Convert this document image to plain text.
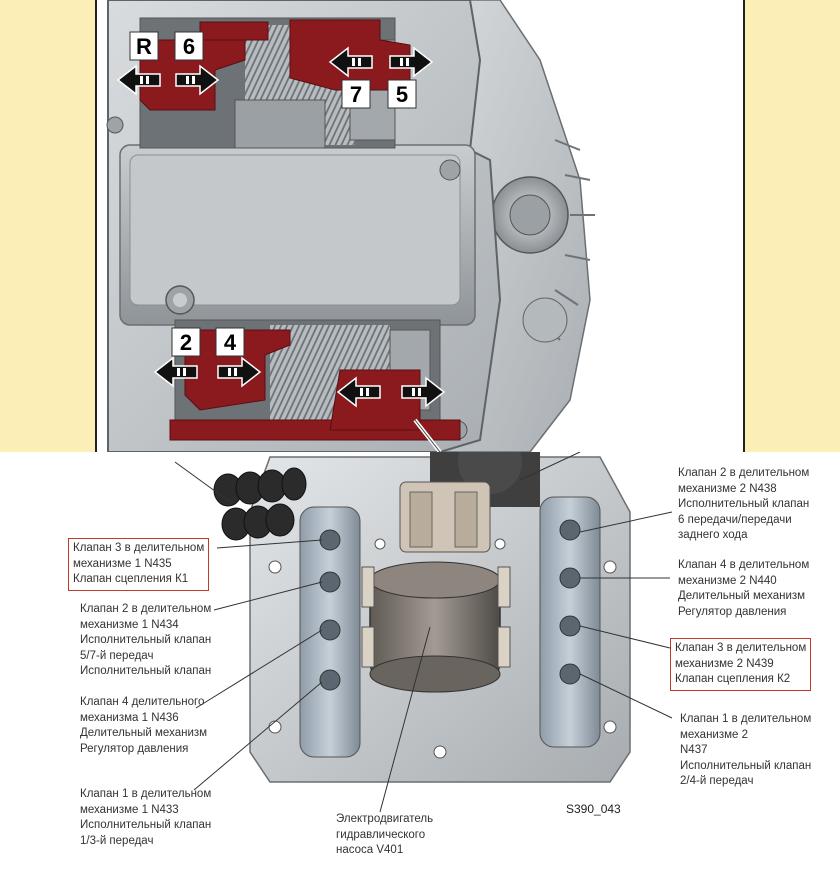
R 6
7 5
2 4
Клапан 3 в делительном
механизме 1 N435
Клапан сцепления К1
Клапан 2 в делительном
механизме 1 N434
Исполнительный клапан
5/7-й передач
Исполнительный клапан
Клапан 4 делительного
механизма 1 N436
Делительный механизм
Регулятор давления
Клапан 1 в делительном
механизме 1 N433
Исполнительный клапан
1/3-й передач
Электродвигатель
гидравлического
насоса V401
Клапан 2 в делительном
механизме 2 N438
Исполнительный клапан
6 передачи/передачи
заднего хода
Клапан 4 в делительном
механизме 2 N440
Делительный механизм
Регулятор давления
Клапан 3 в делительном
механизме 2 N439
Клапан сцепления К2
Клапан 1 в делительном
механизме 2
N437
Исполнительный клапан
2/4-й передач
S390_043
